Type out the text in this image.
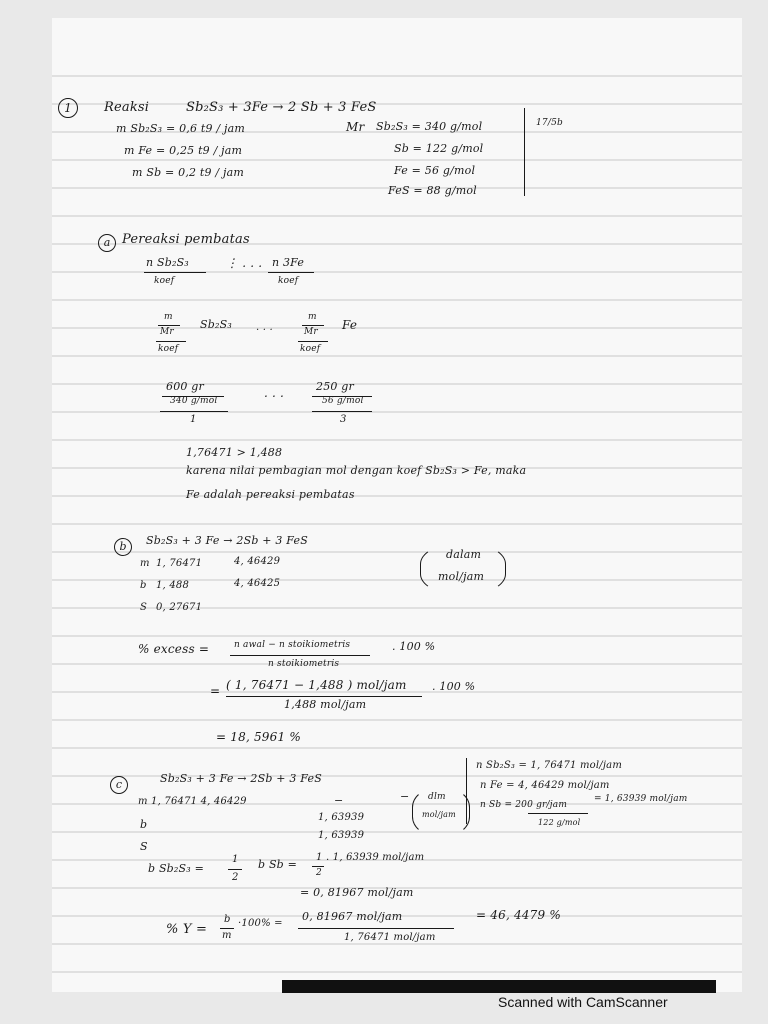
1	Reaksi	Sb₂S₃ + 3Fe → 2 Sb + 3 FeS
m Sb₂S₃ = 0,6 t9 / jam
m Fe = 0,25 t9 / jam
m Sb = 0,2 t9 / jam
Mr Sb₂S₃ = 340 g/mol
Sb = 122 g/mol
Fe = 56 g/mol
FeS = 88 g/mol
17/5b
a Pereaksi pembatas
n Sb₂S₃
koef
⋮ . . . n 3Fe
koef
m
Mr
Sb₂S₃
koef
. . .
m
Mr Fe
koef
600 gr
340 g/mol
1
. . .	250 gr
56 g/mol
3
1,76471 > 1,488
karena nilai pembagian mol dengan koef Sb₂S₃ > Fe, maka
Fe adalah pereaksi pembatas
b	Sb₂S₃ + 3 Fe → 2Sb + 3 FeS
m 1, 76471	4, 46429
b 1, 488	4, 46425
S 0, 27671
dalam
mol/jam
% excess =	n awal − n stoikiometris
n stoikiometris
. 100 %
= ( 1, 76471 − 1,488 ) mol/jam
1,488 mol/jam
. 100 %
= 18, 5961 %
c	Sb₂S₃ + 3 Fe → 2Sb + 3 FeS
m 1, 76471 4, 46429	−	−
b
1, 63939
S
1, 63939
dlm
mol/jam
n Sb₂S₃ = 1, 76471 mol/jam
n Fe = 4, 46429 mol/jam
n Sb = 200 gr/jam
122 g/mol
= 1, 63939 mol/jam
b Sb₂S₃ =
1
2
b Sb =
1
2
. 1, 63939 mol/jam
= 0, 81967 mol/jam
% Y =
b
m
·100% =
0, 81967 mol/jam
1, 76471 mol/jam
= 46, 4479 %
Scanned with CamScanner
